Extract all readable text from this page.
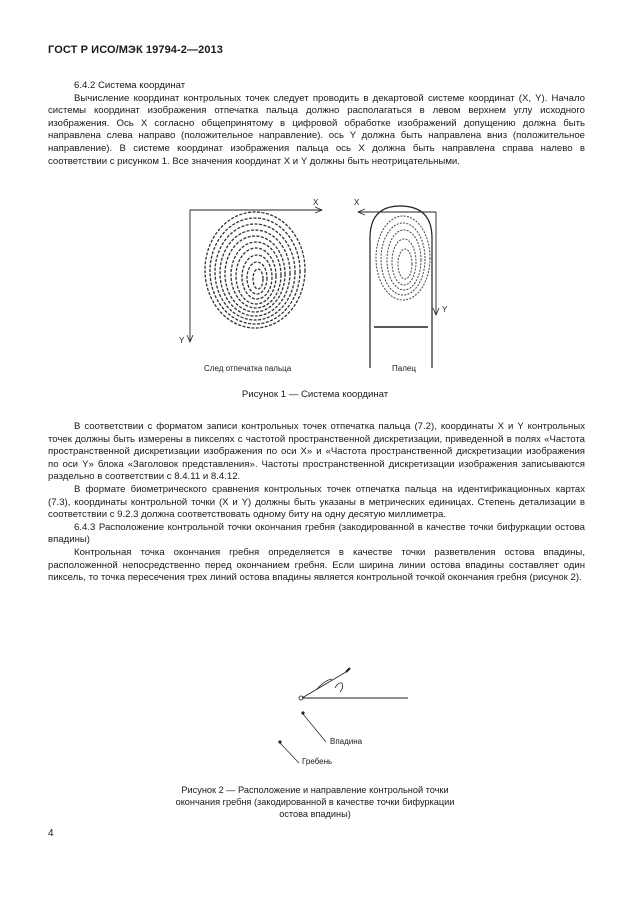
ГОСТ Р ИСО/МЭК 19794-2—2013

6.4.2 Система координат

Вычисление координат контрольных точек следует проводить в декартовой системе координат (X, Y). Начало системы координат изображения отпечатка пальца должно располагаться в левом верхнем углу исходного изображения. Ось X согласно общепринятому в цифровой обработке изображений допущению должна быть направлена слева направо (положительное направление). ось Y должна быть направлена вниз (положительное направление). В системе координат изображения пальца ось X должна быть направлена справа налево в соответствии с рисунком 1. Все значения координат X и Y должны быть неотрицательными.

X
Y
X
Y
След отпечатка пальца	Палец
Рисунок 1 — Система координат

В соответствии с форматом записи контрольных точек отпечатка пальца (7.2), координаты X и Y контрольных точек должны быть измерены в пикселях с частотой пространственной дискретизации, приведенной в полях «Частота пространственной дискретизации изображения по оси X» и «Частота пространственной дискретизации изображения по оси Y» блока «Заголовок представления». Частоты пространственной дискретизации изображения записываются раздельно в соответствии с 8.4.11 и 8.4.12.

В формате биометрического сравнения контрольных точек отпечатка пальца на идентификационных картах (7.3), координаты контрольной точки (X и Y) должны быть указаны в метрических единицах. Степень детализации в соответствии с 9.2.3 должна соответствовать одному биту на одну десятую миллиметра.

6.4.3 Расположение контрольной точки окончания гребня (закодированной в качестве точки бифуркации остова впадины)

Контрольная точка окончания гребня определяется в качестве точки разветвления остова впадины, расположенной непосредственно перед окончанием гребня. Если ширина линии остова впадины составляет один пиксель, то точка пересечения трех линий остова впадины является контрольной точкой окончания гребня (рисунок 2).

Впадина
Гребень
Рисунок 2 — Расположение и направление контрольной точки
окончания гребня (закодированной в качестве точки бифуркации
остова впадины)
4
